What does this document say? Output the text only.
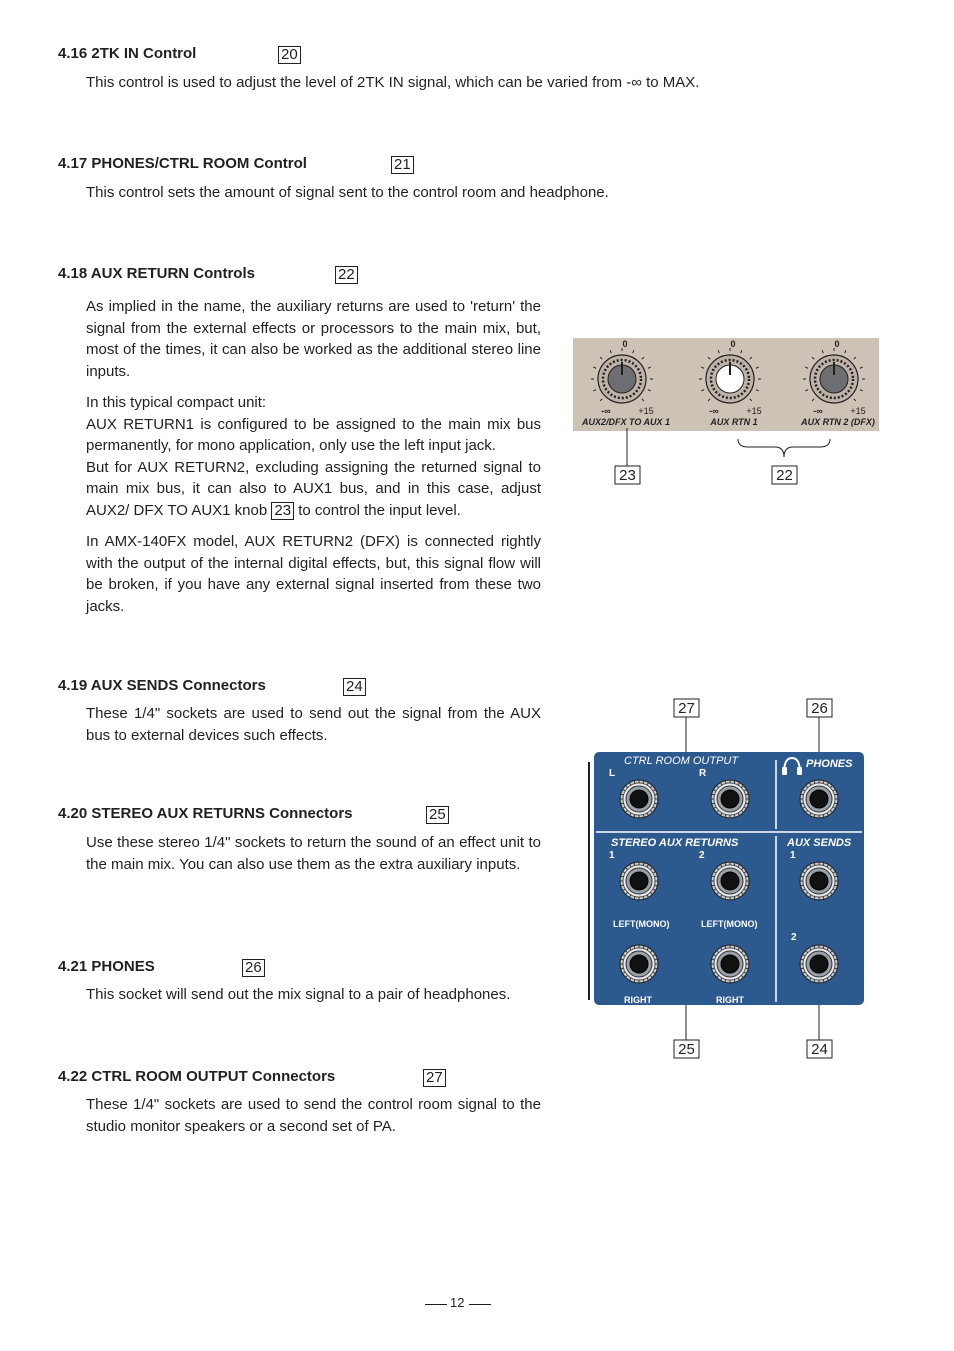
4.16 2TK IN Control	20
This control is used to adjust the level of 2TK IN signal, which can be varied from -∞ to MAX.
4.17 PHONES/CTRL ROOM Control	21
This control sets the amount of signal sent to the control room and headphone.
4.18 AUX RETURN Controls	22

As implied in the name, the auxiliary returns are used to 'return' the signal from the external effects or processors to the main mix, but, most of the times, it can also be worked as the additional stereo line inputs.

In this typical compact unit:

AUX RETURN1 is configured to be assigned to the main mix bus permanently, for mono application, only use the left input jack.

But for AUX RETURN2, excluding assigning the returned signal to main mix bus, it can also to AUX1 bus, and in this case, adjust AUX2/ DFX TO AUX1 knob 23 to control the input level.

In AMX-140FX model, AUX RETURN2 (DFX) is connected rightly with the output of the internal digital effects, but, this signal flow will be broken, if you have any external signal inserted from these two jacks.

0
-∞	+15
AUX2/DFX TO AUX 1
0
-∞	+15
AUX RTN 1
0
-∞	+15
AUX RTN 2 (DFX)
23	22
4.19 AUX SENDS Connectors	24
These 1/4" sockets are used to send out the signal from the AUX  bus to external devices such effects.
4.20 STEREO AUX RETURNS Connectors	25
Use these stereo 1/4" sockets to return the sound of an effect unit to the main mix. You can also use them as the extra auxiliary inputs.
4.21 PHONES	26
This socket will send out the mix signal to a pair of headphones.
4.22 CTRL ROOM OUTPUT Connectors	27
These 1/4" sockets are used to send the control room signal to the studio monitor speakers or a second set of PA.
27	26
CTRL ROOM OUTPUT
L	R
PHONES
STEREO AUX RETURNS	AUX SENDS
1	2	1
2
LEFT(MONO)	LEFT(MONO)
RIGHT	RIGHT
25	24
12
